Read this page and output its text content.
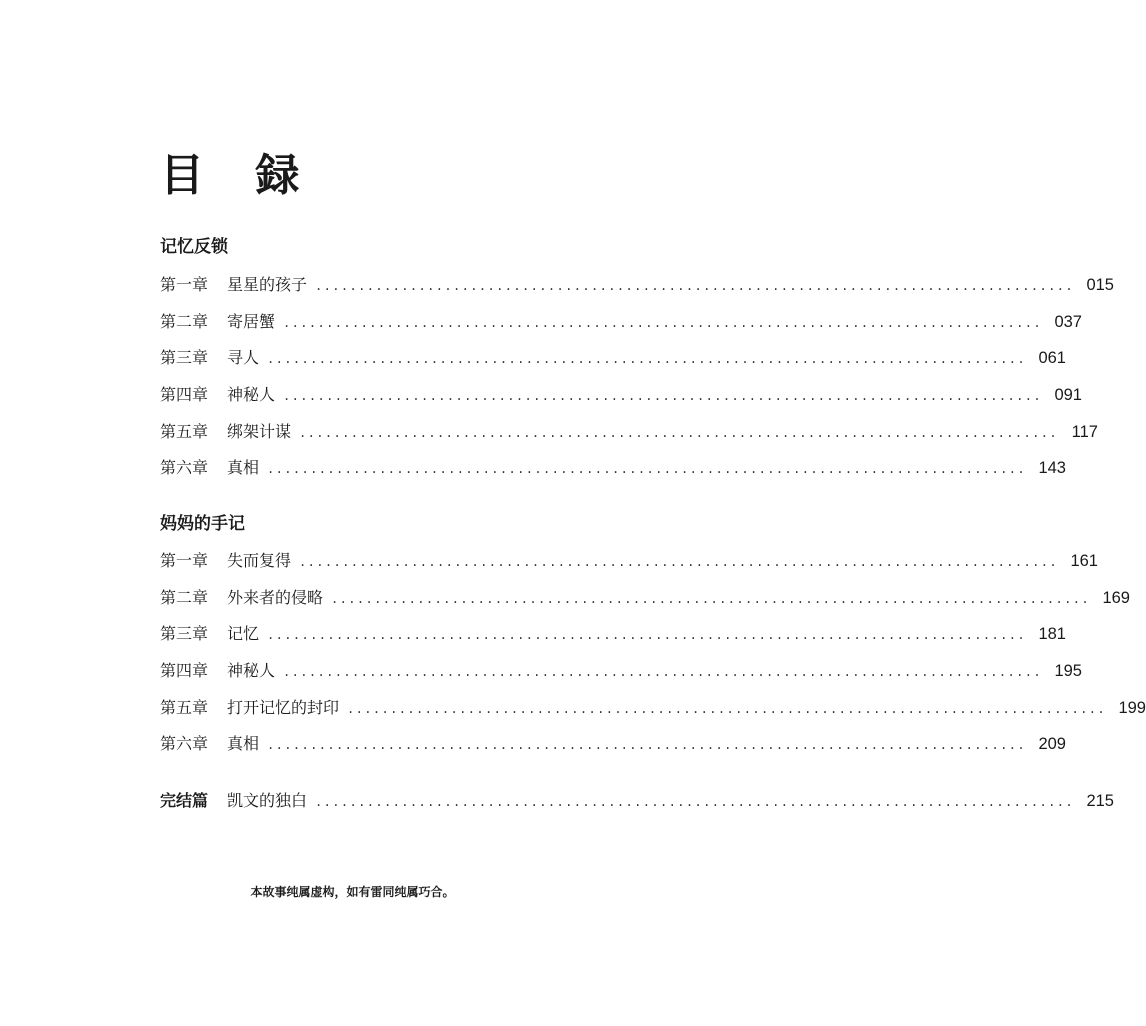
目 録
记忆反锁
第一章	星星的孩子 ........................................................................................ 015
第二章	寄居蟹 ........................................................................................ 037
第三章	寻人 ........................................................................................ 061
第四章	神秘人 ........................................................................................ 091
第五章	绑架计谋 ........................................................................................ 117
第六章	真相 ........................................................................................ 143
妈妈的手记
第一章	失而复得 ........................................................................................ 161
第二章	外来者的侵略 ........................................................................................ 169
第三章	记忆 ........................................................................................ 181
第四章	神秘人 ........................................................................................ 195
第五章	打开记忆的封印 ........................................................................................ 199
第六章	真相 ........................................................................................ 209
完结篇	凯文的独白 ........................................................................................ 215

本故事纯属虚构，如有雷同纯属巧合。
